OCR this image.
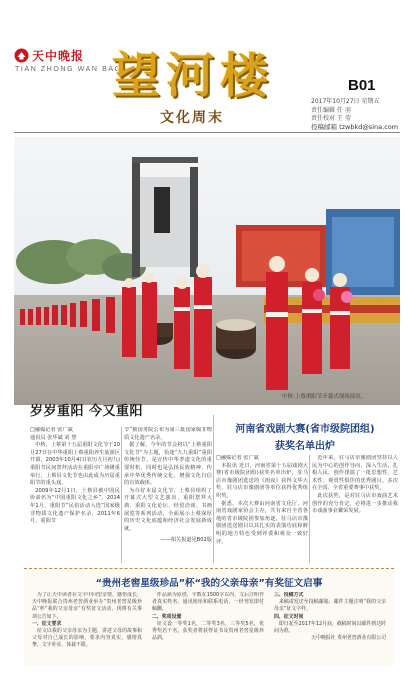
天中晚报
TIAN ZHONG WAN BAO
望河楼
文化周末
B01
2017年10月27日 星期五
责任编辑 任 羽
责任校对 王 莹
投稿邮箱 tzwbkd@sina.com
中秋·上蔡重阳节开幕式现场演出。
岁岁重阳 今又重阳

□融媒记者 张广斌

通讯员 张华斌 刘 慧

中秋、上蔡第十五届重阳文化节于10月27日在中华重阳上蔡重阳养生旅游区开幕，2003年10月4日(农历九月初九)重阳节民间祭拜活动在重阳亭广场隆重举行，上蔡县文化节也由此成为历届重阳节的重头戏。

2009年12月1日，上蔡县被中国民协命名为“中国重阳文化之乡”，2014年1月，重阳节“民俗活动入选”国家级非物质文化遗产保护名录，2011年6月，重阳节

节”被国务院公布为第三批国家级非物质文化遗产名录。

据了解，今年的节会将以“上蔡重阳文化节”为主题，恰逢“九九重阳”重阳传统佳节，是宣传中华孝道文化的重要时机，同时也是弘扬民族精神、传承中华优秀传统文化、增强文化自信的有效载体。

为办好本届文化节，上蔡县组织了开幕式大型文艺演出、重阳祭拜大典、重阳文化论坛、经贸洽谈、书画展览等系列活动，全面展示上蔡深厚的历史文化底蕴和经济社会发展新成就。

——相关报道见B02版

河南省戏剧大赛(省市级院团组)
获奖名单出炉

□融媒记者 张广斌

本报讯 近日，河南省第十五届戏剧大赛(省市级院团组)获奖名单出炉，驻马店市豫剧团选送的《雨夜》获得文华大奖，驻马店市豫剧团等单位获得优秀组织奖。

据悉，本次大赛由河南省文化厅、河南省戏剧家协会主办，共有来自全省各地的省市级院团参加角逐，驻马店市豫剧团选送剧目以其扎实的表演功底和鲜明的地方特色受到评委和观众一致好评。

近年来，驻马店市豫剧团坚持以人民为中心的创作导向，深入生活、扎根人民，创作排演了一批思想性、艺术性、观赏性俱佳的优秀剧目，多次在全国、全省重要赛事中获奖。

此次获奖，是对驻马店市戏曲艺术创作的充分肯定，必将进一步推动我市戏曲事业繁荣发展。

“贵州老窖星级珍品”杯“我的父亲母亲”有奖征文启事

为了让天中读者在文字中回望亲情、感悟成长，天中晚报联合贵州老窖酒业举办“贵州老窖星级珍品”杯“我的父亲母亲”有奖征文活动，现将有关事项公告如下。

一、征文要求

征文以我的父亲母亲为主题，讲述父母的故事和父母对自己成长的影响，要求内容真实，感情真挚，文字朴实，体裁不限。

作品须为原创，字数在1500字以内，文后注明作者真实姓名、通讯地址和联系电话，一经刊发即付稿酬。

二、奖项设置

征文设一等奖1名，二等奖3名，三等奖5名，优秀奖若干名，获奖者将获得证书及贵州老窖星级珍品酒。

三、投稿方式

来稿请发送至投稿邮箱，邮件主题注明“我的父亲母亲”征文字样。

四、征文时间

即日起至2017年12月底，截稿时间以邮件到达时间为准。

天中晚报社 贵州老窖酒业有限公司
